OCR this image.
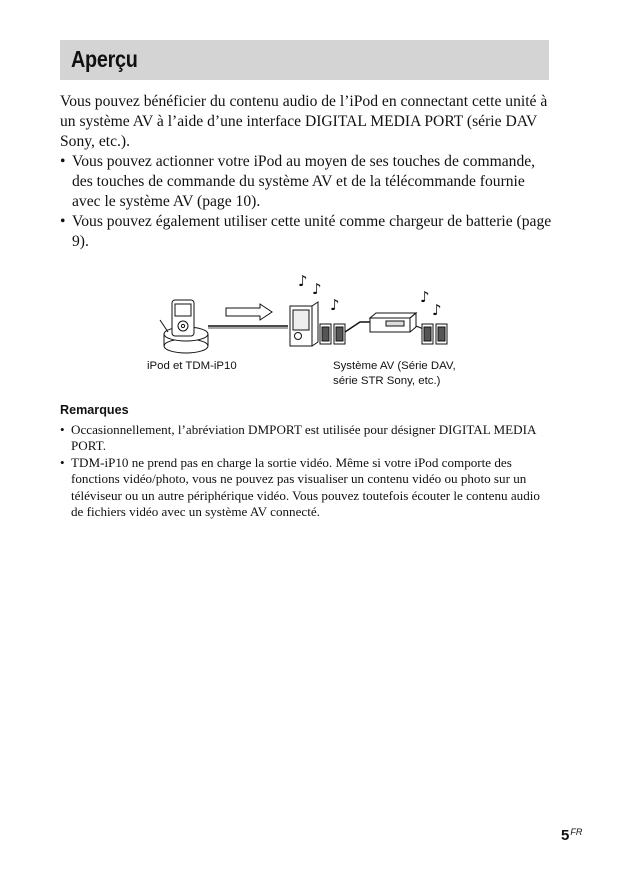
Aperçu

Vous pouvez bénéficier du contenu audio de l’iPod en connectant cette unité à un système AV à l’aide d’une interface DIGITAL MEDIA PORT (série DAV Sony, etc.).

• Vous pouvez actionner votre iPod au moyen de ses touches de commande, des touches de commande du système AV et de la télécommande fournie avec le système AV (page 10).
• Vous pouvez également utiliser cette unité comme chargeur de batterie (page 9).
♪ ♪
♪	♪
♪

iPod et TDM-iP10	Système AV (Série DAV,
série STR Sony, etc.)

Remarques

• Occasionnellement, l’abréviation DMPORT est utilisée pour désigner DIGITAL MEDIA PORT.
• TDM-iP10 ne prend pas en charge la sortie vidéo. Même si votre iPod comporte des fonctions vidéo/photo, vous ne pouvez pas visualiser un contenu vidéo ou photo sur un téléviseur ou un autre périphérique vidéo. Vous pouvez toutefois écouter le contenu audio de fichiers vidéo avec un système AV connecté.
$5^{FR}$
